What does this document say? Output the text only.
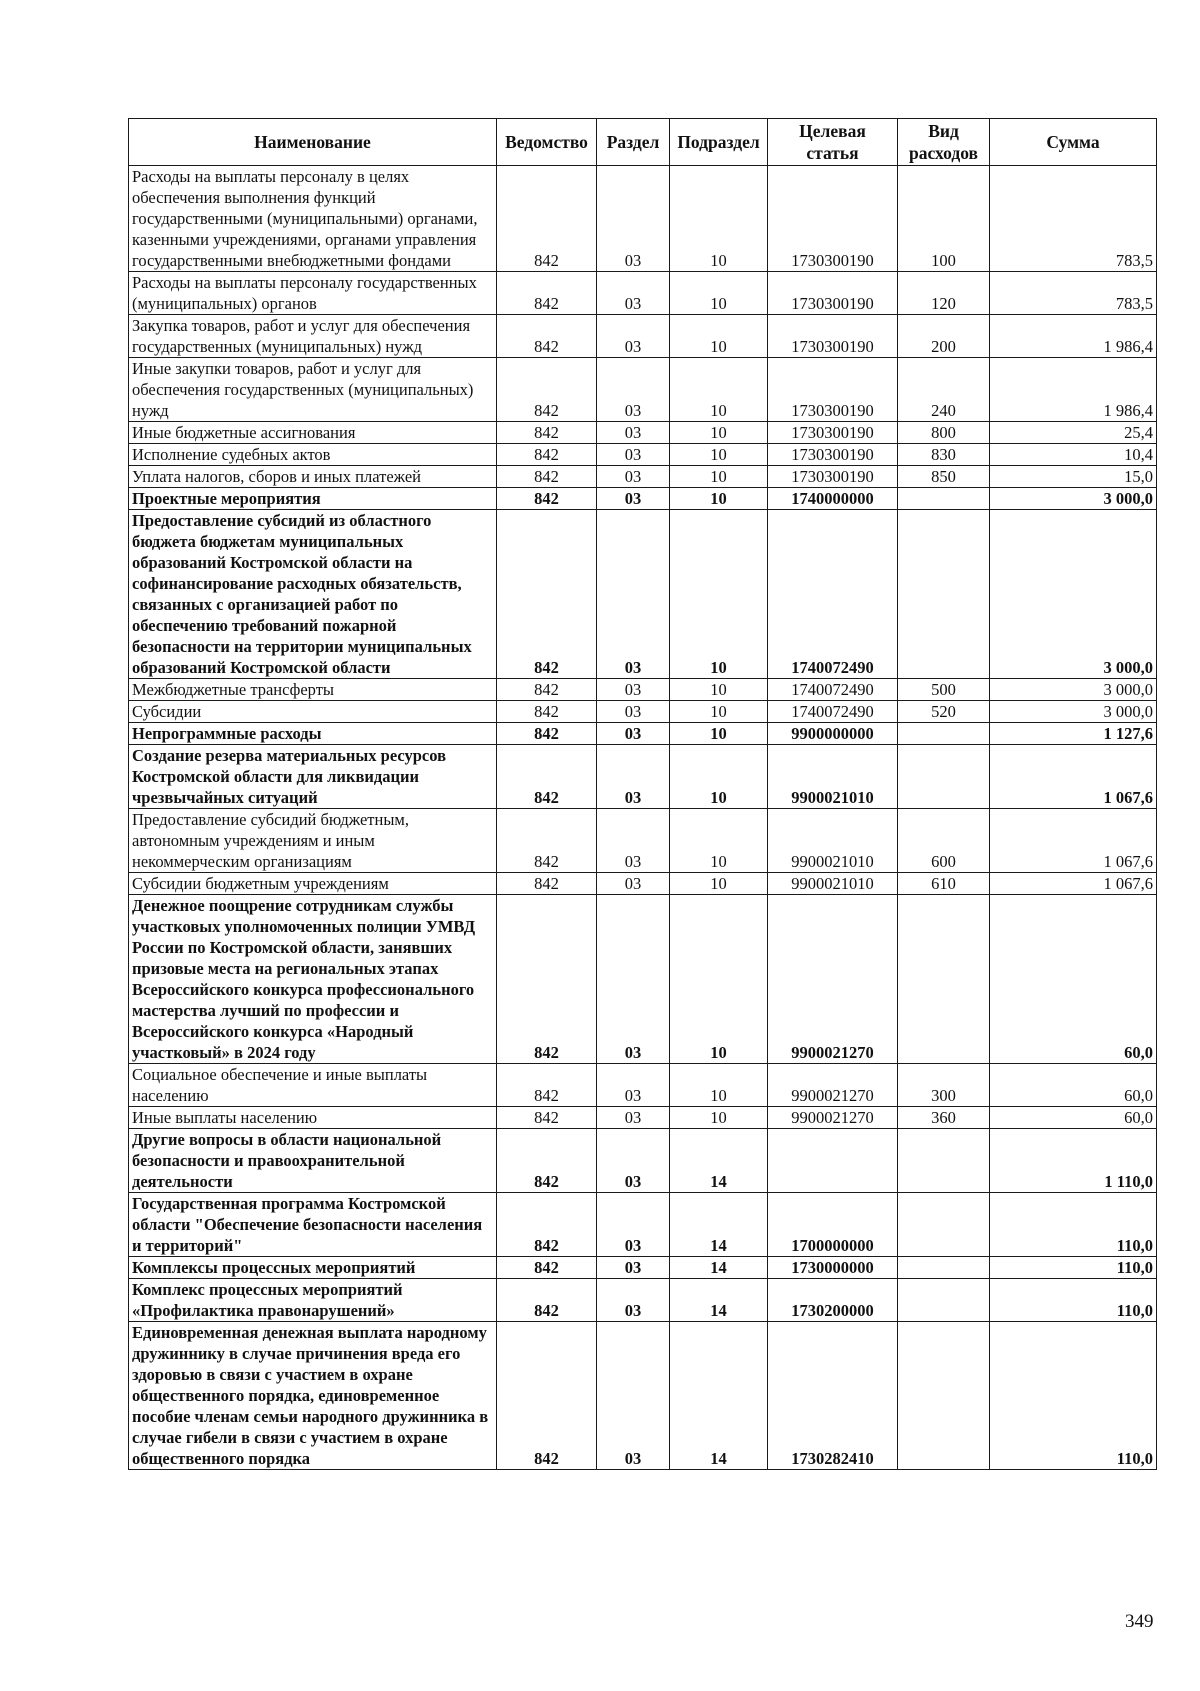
Наименование	Ведомство	Раздел	Подраздел	Целевая статья	Вид расходов	Сумма
Расходы на выплаты персоналу в целях обеспечения выполнения функций государственными (муниципальными) органами, казенными учреждениями, органами управления государственными внебюджетными фондами	842	03	10	1730300190	100	783,5
Расходы на выплаты персоналу государственных (муниципальных) органов	842	03	10	1730300190	120	783,5
Закупка товаров, работ и услуг для обеспечения государственных (муниципальных) нужд	842	03	10	1730300190	200	1 986,4
Иные закупки товаров, работ и услуг для обеспечения государственных (муниципальных) нужд	842	03	10	1730300190	240	1 986,4
Иные бюджетные ассигнования	842	03	10	1730300190	800	25,4
Исполнение судебных актов	842	03	10	1730300190	830	10,4
Уплата налогов, сборов и иных платежей	842	03	10	1730300190	850	15,0
Проектные мероприятия	842	03	10	1740000000		3 000,0
Предоставление субсидий из областного бюджета бюджетам муниципальных образований Костромской области на софинансирование расходных обязательств, связанных с организацией работ по обеспечению требований пожарной безопасности на территории муниципальных образований Костромской области	842	03	10	1740072490		3 000,0
Межбюджетные трансферты	842	03	10	1740072490	500	3 000,0
Субсидии	842	03	10	1740072490	520	3 000,0
Непрограммные расходы	842	03	10	9900000000		1 127,6
Создание резерва материальных ресурсов Костромской области для ликвидации чрезвычайных ситуаций	842	03	10	9900021010		1 067,6
Предоставление субсидий бюджетным, автономным учреждениям и иным некоммерческим организациям	842	03	10	9900021010	600	1 067,6
Субсидии бюджетным учреждениям	842	03	10	9900021010	610	1 067,6
Денежное поощрение сотрудникам службы участковых уполномоченных полиции УМВД России по Костромской области, занявших призовые места на региональных этапах Всероссийского конкурса профессионального мастерства лучший по профессии и Всероссийского конкурса «Народный участковый» в 2024 году	842	03	10	9900021270		60,0
Социальное обеспечение и иные выплаты населению	842	03	10	9900021270	300	60,0
Иные выплаты населению	842	03	10	9900021270	360	60,0
Другие вопросы в области национальной безопасности и правоохранительной деятельности	842	03	14			1 110,0
Государственная программа Костромской области "Обеспечение безопасности населения и территорий"	842	03	14	1700000000		110,0
Комплексы процессных мероприятий	842	03	14	1730000000		110,0
Комплекс процессных мероприятий «Профилактика правонарушений»	842	03	14	1730200000		110,0
Единовременная денежная выплата народному дружиннику в случае причинения вреда его здоровью в связи с участием в охране общественного порядка, единовременное пособие членам семьи народного дружинника в случае гибели в связи с участием в охране общественного порядка	842	03	14	1730282410		110,0
349
